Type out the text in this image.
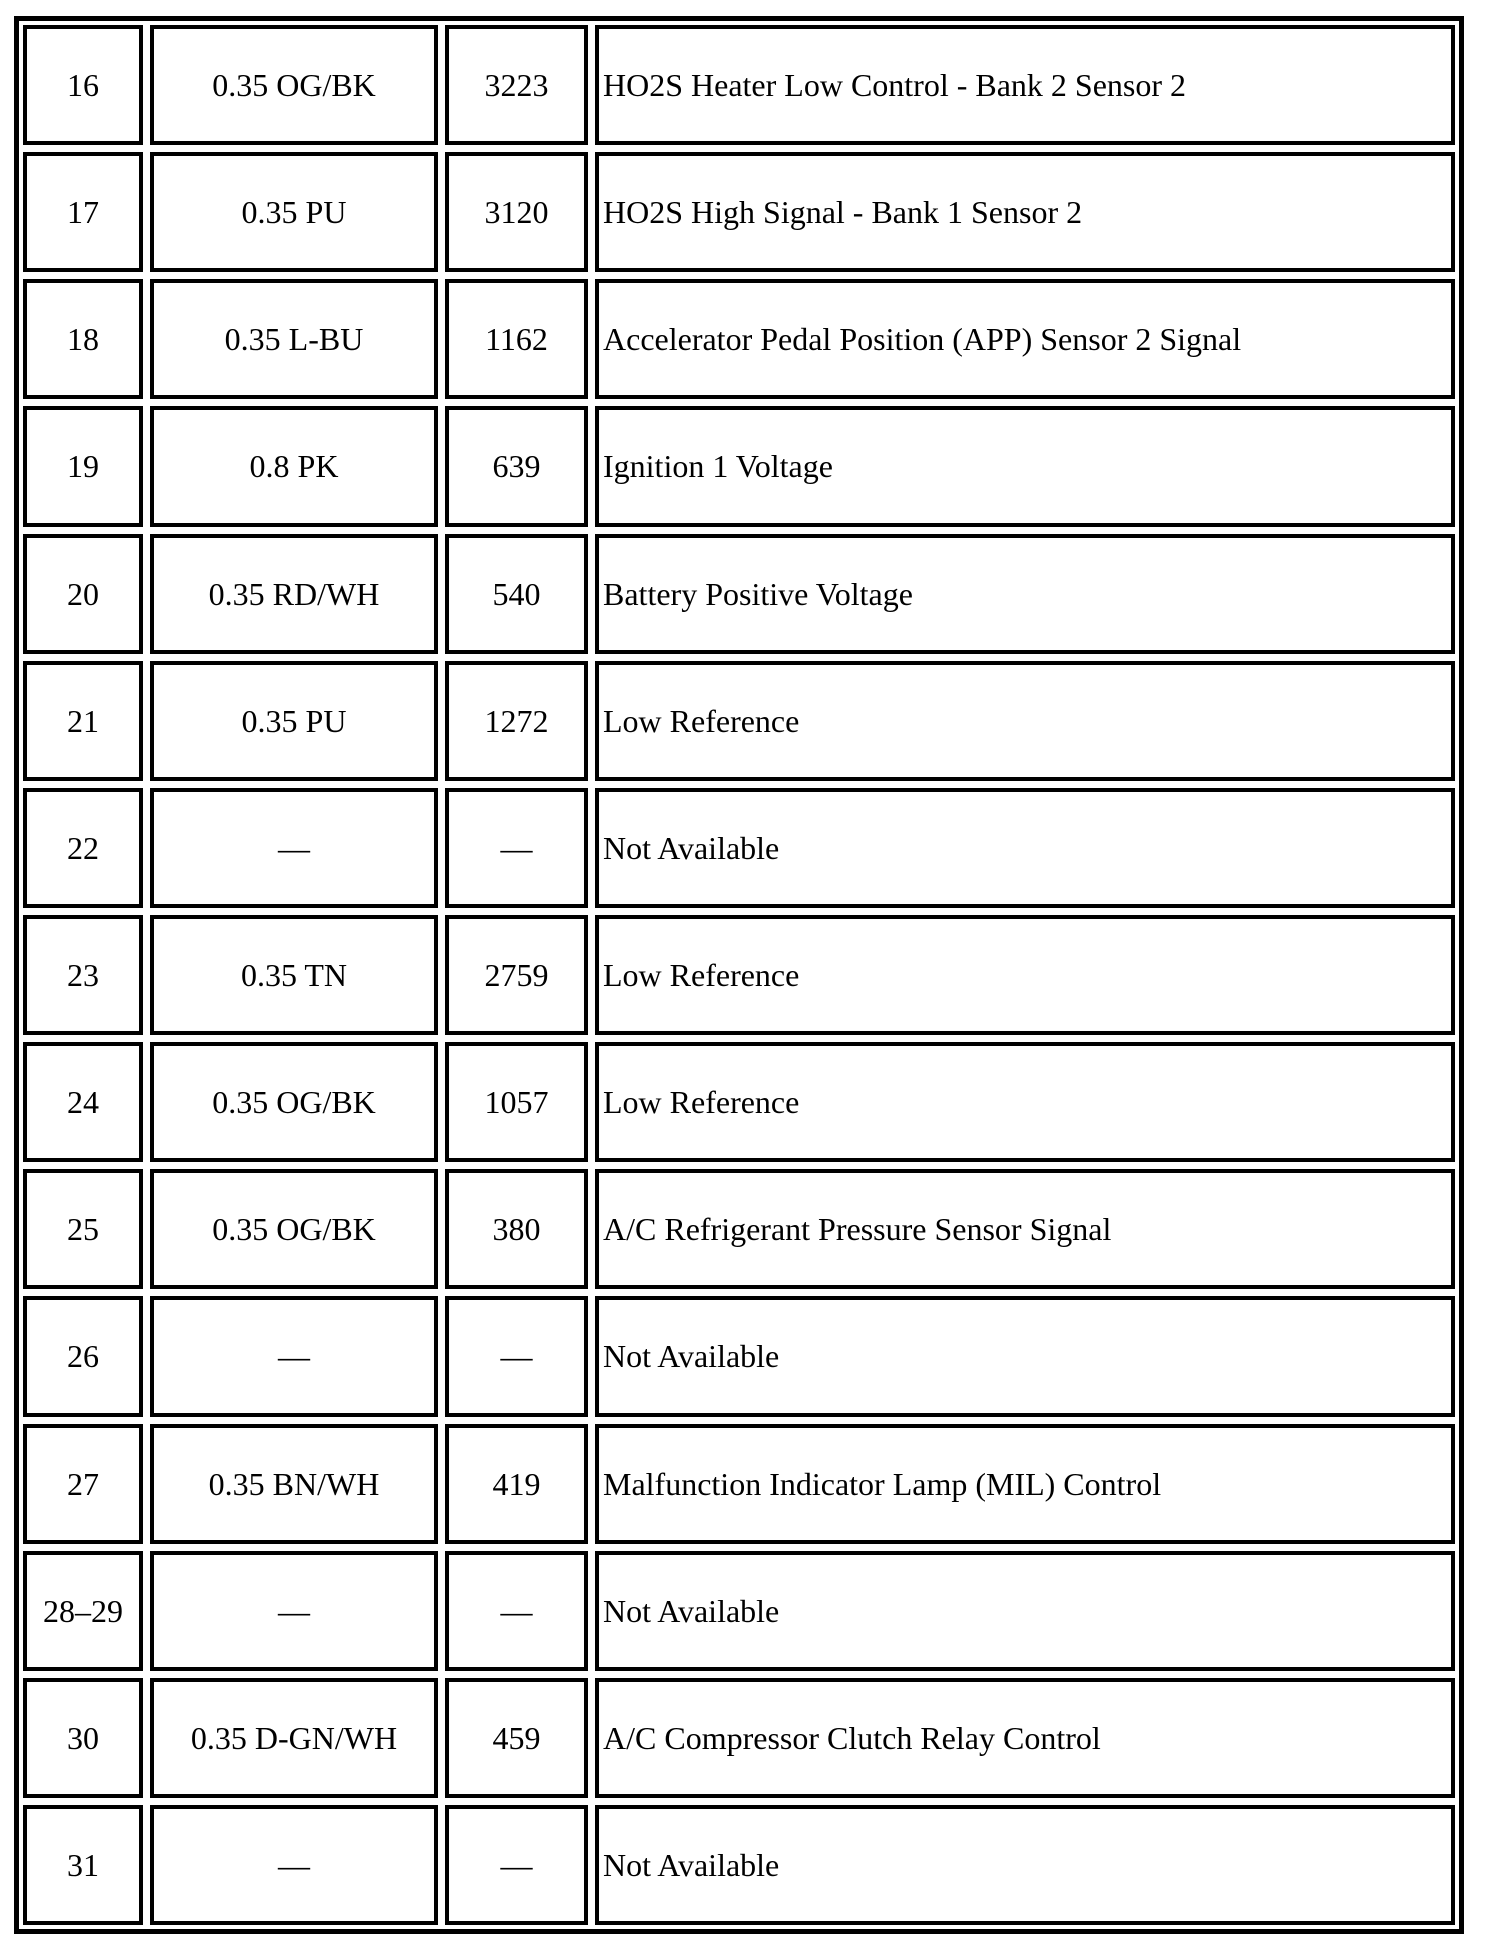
16	0.35 OG/BK	3223	HO2S Heater Low Control - Bank 2 Sensor 2
17	0.35 PU	3120	HO2S High Signal - Bank 1 Sensor 2
18	0.35 L-BU	1162	Accelerator Pedal Position (APP) Sensor 2 Signal
19	0.8 PK	639	Ignition 1 Voltage
20	0.35 RD/WH	540	Battery Positive Voltage
21	0.35 PU	1272	Low Reference
22	—	—	Not Available
23	0.35 TN	2759	Low Reference
24	0.35 OG/BK	1057	Low Reference
25	0.35 OG/BK	380	A/C Refrigerant Pressure Sensor Signal
26	—	—	Not Available
27	0.35 BN/WH	419	Malfunction Indicator Lamp (MIL) Control
28–29	—	—	Not Available
30	0.35 D-GN/WH	459	A/C Compressor Clutch Relay Control
31	—	—	Not Available
